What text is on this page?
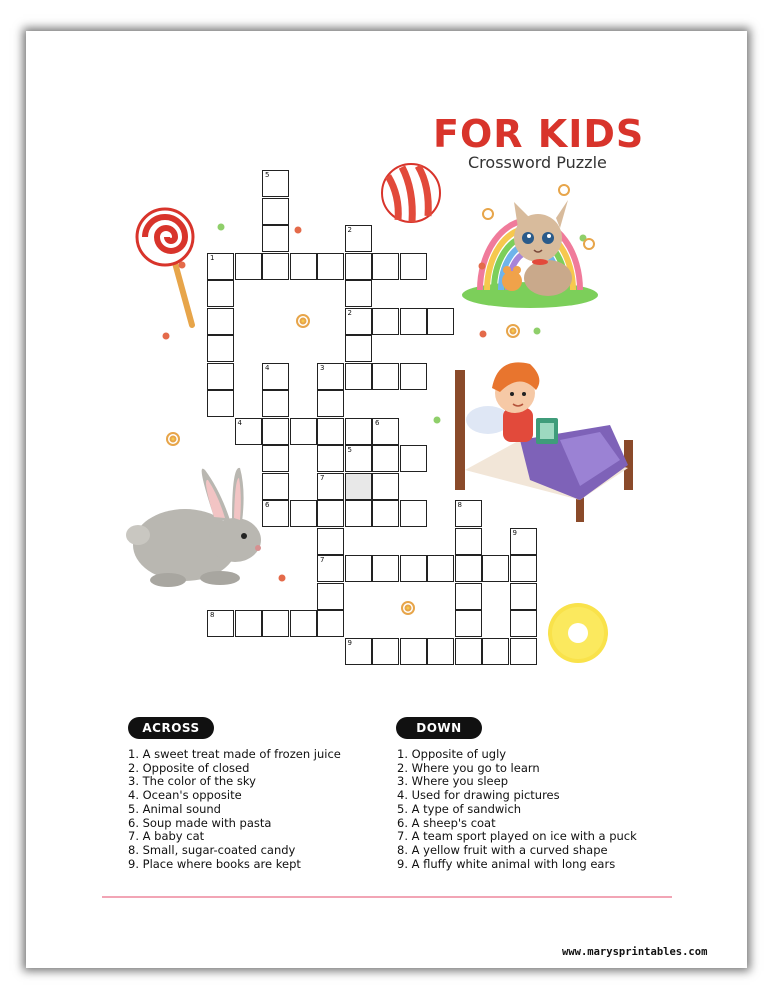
FOR KIDS
Crossword Puzzle
5
2
1
2
4	3
4	6
5
7
6	8
9
7
8
9
ACROSS	DOWN
1. A sweet treat made of frozen juice
2. Opposite of closed
3. The color of the sky
4. Ocean's opposite
5. Animal sound
6. Soup made with pasta
7. A baby cat
8. Small, sugar-coated candy
9. Place where books are kept
1. Opposite of ugly
2. Where you go to learn
3. Where you sleep
4. Used for drawing pictures
5. A type of sandwich
6. A sheep's coat
7. A team sport played on ice with a puck
8. A yellow fruit with a curved shape
9. A fluffy white animal with long ears
www.marysprintables.com
